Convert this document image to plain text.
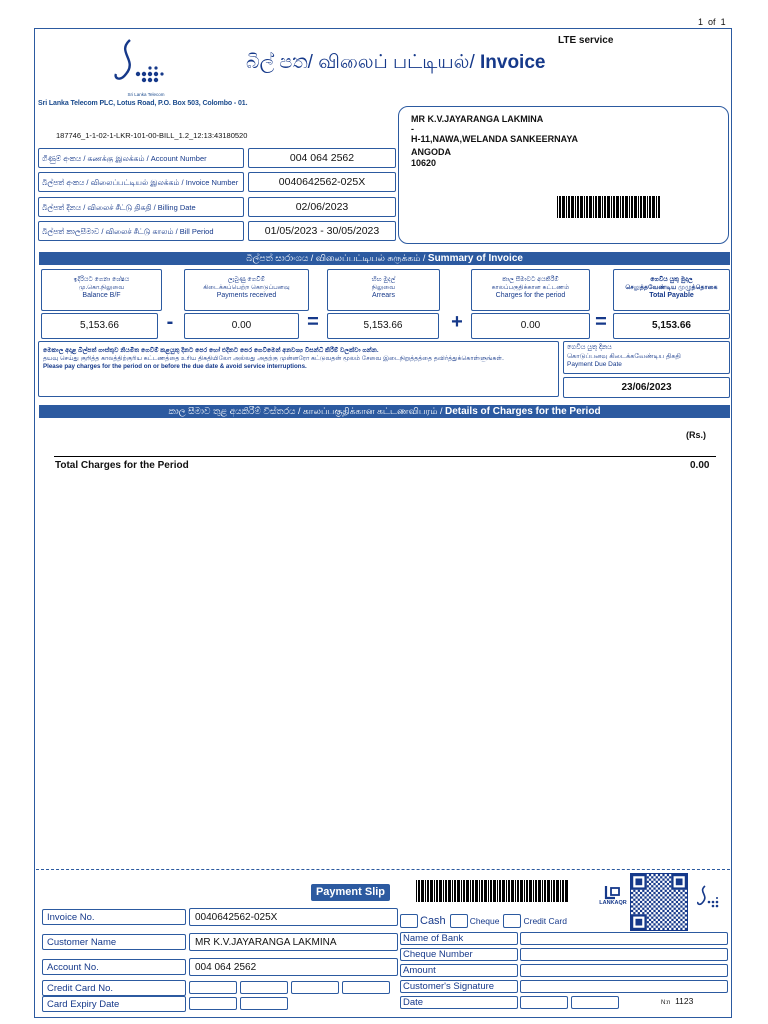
1 of 1
LTE service
Sri Lanka Telecom
බිල් පත/ விலைப் பட்டியல்/ Invoice
Sri Lanka Telecom PLC, Lotus Road, P.O. Box 503, Colombo - 01.
187746_1-1-02-1-LKR-101-00-BILL_1.2_12:13:43180520
ගිණුම් අංකය / கணக்கு இலக்கம் / Account Number	004 064 2562
බිල්පත් අංකය / விலைப்பட்டியல் இலக்கம் / Invoice Number	0040642562-025X
බිල්පත් දිනය / விலைச் சீட்டு திகதி / Billing Date	02/06/2023
බිල්පත් කාලසීමාව / விலைச் சீட்டு காலம் / Bill Period	01/05/2023 - 30/05/2023
MR K.V.JAYARANGA LAKMINA
-
H-11,NAWA,WELANDA SANKEERNAYA
ANGODA
10620
බිල්පත් සාරාංශය / விலைப்பட்டியல் சுருக்கம் / Summary of Invoice
ඉදිරියට ගෙනා ශේෂය
மு.கொ.நிலுவை
Balance B/F
ලැබුණු ගෙවීම්
கிடைக்கப்பெற்ற கொடுப்பனவு
Payments received
හිඟ මුදල්
நிலுவை
Arrears
කාල සීමාවට අයකිරීම්
காலப்பகுதிக்கான கட்டணம்
Charges for the period
ගෙවිය යුතු මුදල
செலுத்தவேண்டிய முழுத்தொகை
Total Payable
5,153.66	-	0.00	=	5,153.66	+	0.00	=	5,153.66
මෙකාල අදාළ බිල්පත් ගාස්තුව නියමිත ගෙවීම් කළයුතු දිනට පෙර හෝ එදිනට පෙර ගෙවීමෙන් අනවශ්‍ය විසන්ධි කිරීම් වලක්වා ගන්න.
தயவு செய்து குறித்த காலத்திற்குரிய கட்டணத்தை உரிய திகதியிலோ அல்லது அதற்கு முன்னரோ கட்டுவதன் மூலம் சேவை இடைநிறுத்தத்தை தவிர்த்துக்கொள்ளுங்கள்.
Please pay charges for the period on or before the due date & avoid service interruptions.
ගෙවිය යුතු දිනය
கொடுப்பனவு கிடைக்கவேண்டிய திகதி
Payment Due Date
23/06/2023
කාල සීමාව තුළ අයකිරීම් විස්තරය / காலப்பகுதிக்கான கட்டணவிபரம் / Details of Charges for the Period
(Rs.)
Total Charges for the Period	0.00
Payment Slip
LANKAQR
Invoice No.	0040642562-025X
Customer Name	MR K.V.JAYARANGA LAKMINA
Account No.	004 064 2562
Credit Card No.
Card Expiry Date
Cash	Cheque	Credit Card
Name of Bank
Cheque Number
Amount
Customer's Signature
Date	N:n 1123
